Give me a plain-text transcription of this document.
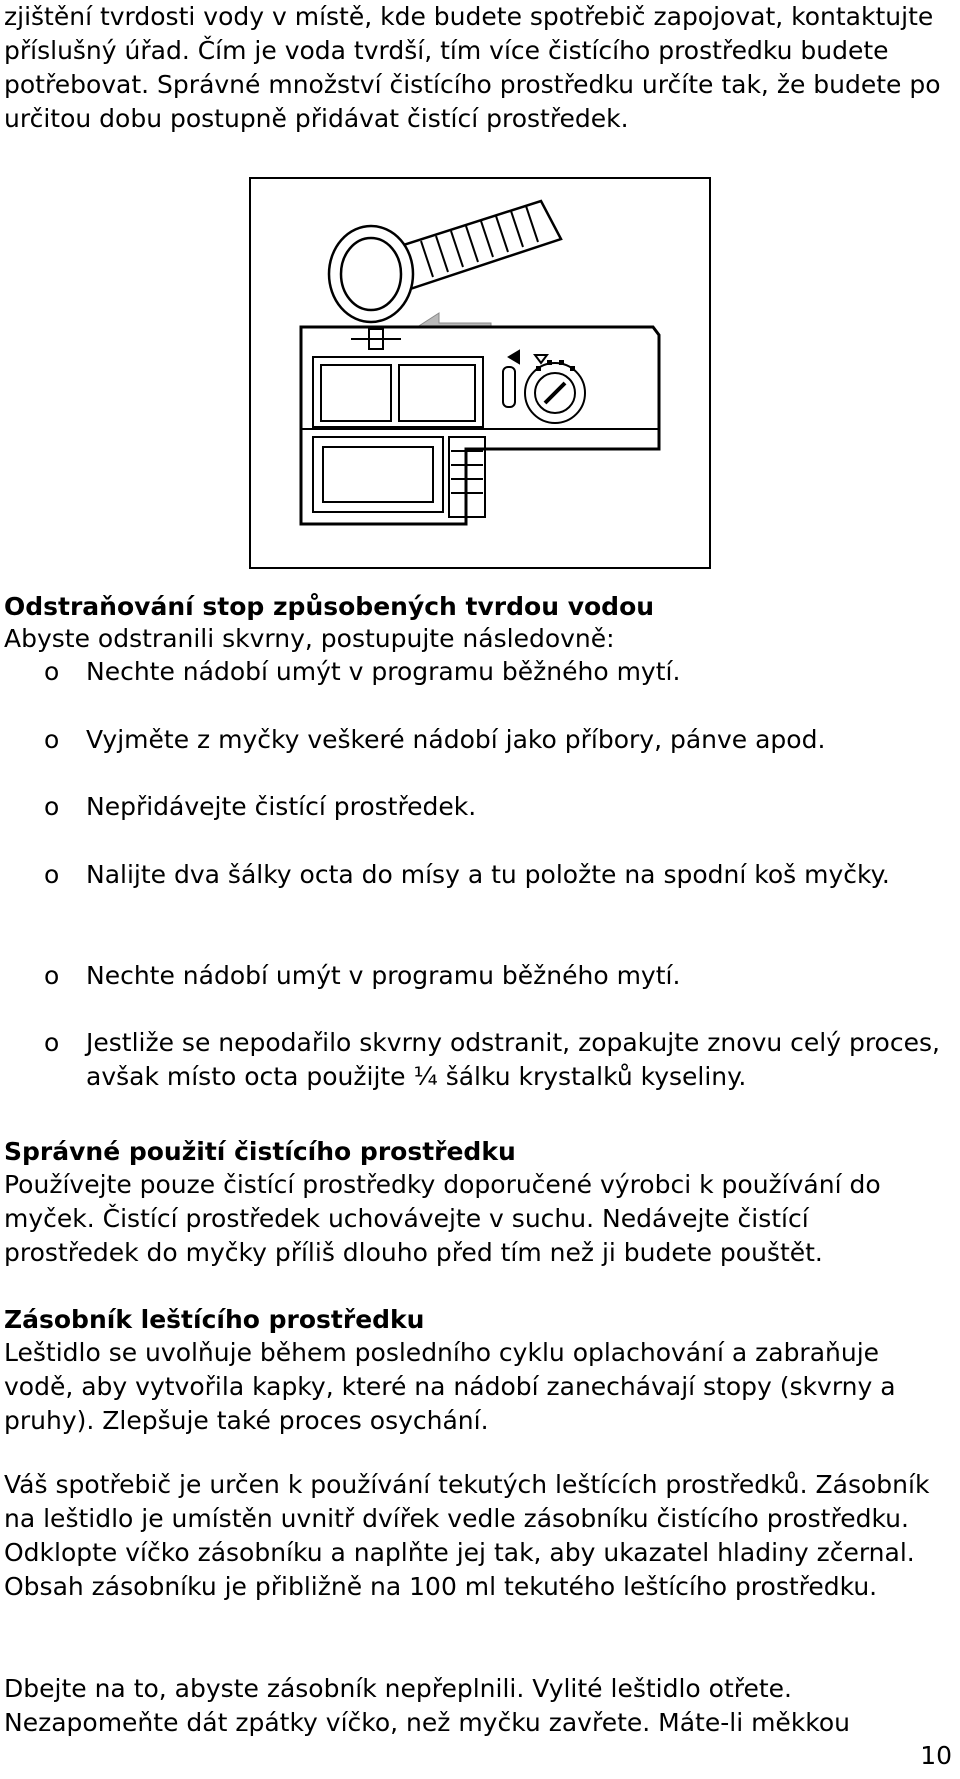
zjištění tvrdosti vody v místě, kde budete spotřebič zapojovat, kontaktujte příslušný úřad. Čím je voda tvrdší, tím více čistícího prostředku budete potřebovat. Správné množství čistícího prostředku určíte tak, že budete po určitou dobu postupně přidávat čistící prostředek.

Odstraňování stop způsobených tvrdou vodou
Abyste odstranili skvrny, postupujte následovně:
o Nechte nádobí umýt v programu běžného mytí.
o Vyjměte z myčky veškeré nádobí jako příbory, pánve apod.
o Nepřidávejte čistící prostředek.
o Nalijte dva šálky octa do mísy a tu položte na spodní koš myčky.
o Nechte nádobí umýt v programu běžného mytí.
o Jestliže se nepodařilo skvrny odstranit, zopakujte znovu celý proces, avšak místo octa použijte ¼ šálku krystalků kyseliny.
Správné použití čistícího prostředku

Používejte pouze čistící prostředky doporučené výrobci k používání do myček. Čistící prostředek uchovávejte v suchu. Nedávejte čistící prostředek do myčky příliš dlouho před tím než ji budete pouštět.

Zásobník leštícího prostředku

Leštidlo se uvolňuje během posledního cyklu oplachování a zabraňuje vodě, aby vytvořila kapky, které na nádobí zanechávají stopy (skvrny a pruhy). Zlepšuje také proces osychání.

Váš spotřebič je určen k používání tekutých leštících prostředků. Zásobník na leštidlo je umístěn uvnitř dvířek vedle zásobníku čistícího prostředku. Odklopte víčko zásobníku a naplňte jej tak, aby ukazatel hladiny zčernal. Obsah zásobníku je přibližně na 100 ml tekutého leštícího prostředku.

Dbejte na to, abyste zásobník nepřeplnili. Vylité leštidlo otřete. Nezapomeňte dát zpátky víčko, než myčku zavřete. Máte-li měkkou

10
